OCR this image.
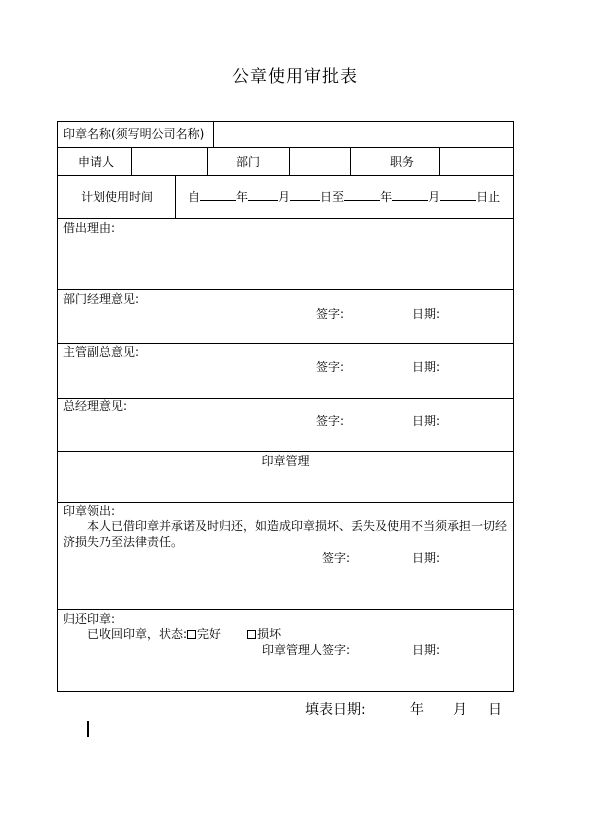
公章使用审批表
印章名称(须写明公司名称)
申请人	部门	职务
计划使用时间	自	年	月	日至	年	月	日止
借出理由:
部门经理意见:
签字:	日期:
主管副总意见:
签字:	日期:
总经理意见:
签字:	日期:
印章管理
印章领出:
本人已借印章并承诺及时归还，如造成印章损坏、丢失及使用不当须承担一切经
济损失乃至法律责任。
签字:	日期:
归还印章:
已收回印章，状态: 完好	损坏
印章管理人签字:	日期:
填表日期:	年 月 日
